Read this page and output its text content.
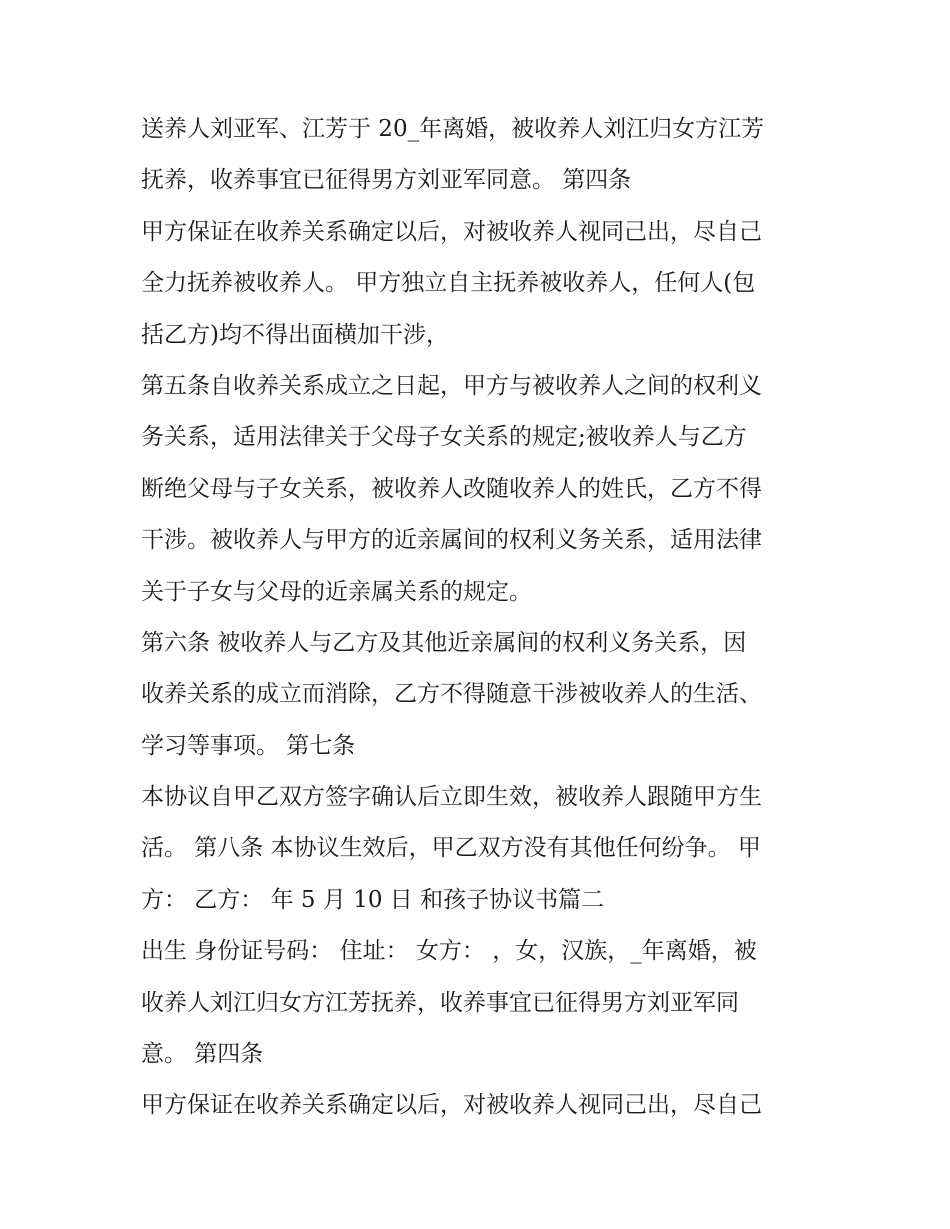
送养人刘亚军、江芳于 20_年离婚，被收养人刘江归女方江芳
抚养，收养事宜已征得男方刘亚军同意。 第四条
甲方保证在收养关系确定以后，对被收养人视同己出，尽自己
全力抚养被收养人。 甲方独立自主抚养被收养人，任何人(包
括乙方)均不得出面横加干涉，
第五条自收养关系成立之日起，甲方与被收养人之间的权利义
务关系，适用法律关于父母子女关系的规定;被收养人与乙方
断绝父母与子女关系，被收养人改随收养人的姓氏，乙方不得
干涉。被收养人与甲方的近亲属间的权利义务关系，适用法律
关于子女与父母的近亲属关系的规定。
第六条 被收养人与乙方及其他近亲属间的权利义务关系，因
收养关系的成立而消除，乙方不得随意干涉被收养人的生活、
学习等事项。 第七条
本协议自甲乙双方签字确认后立即生效，被收养人跟随甲方生
活。 第八条 本协议生效后，甲乙双方没有其他任何纷争。 甲
方： 乙方： 年 5 月 10 日 和孩子协议书篇二
出生 身份证号码： 住址： 女方： ，女，汉族，_年离婚，被
收养人刘江归女方江芳抚养，收养事宜已征得男方刘亚军同
意。 第四条
甲方保证在收养关系确定以后，对被收养人视同己出，尽自己
